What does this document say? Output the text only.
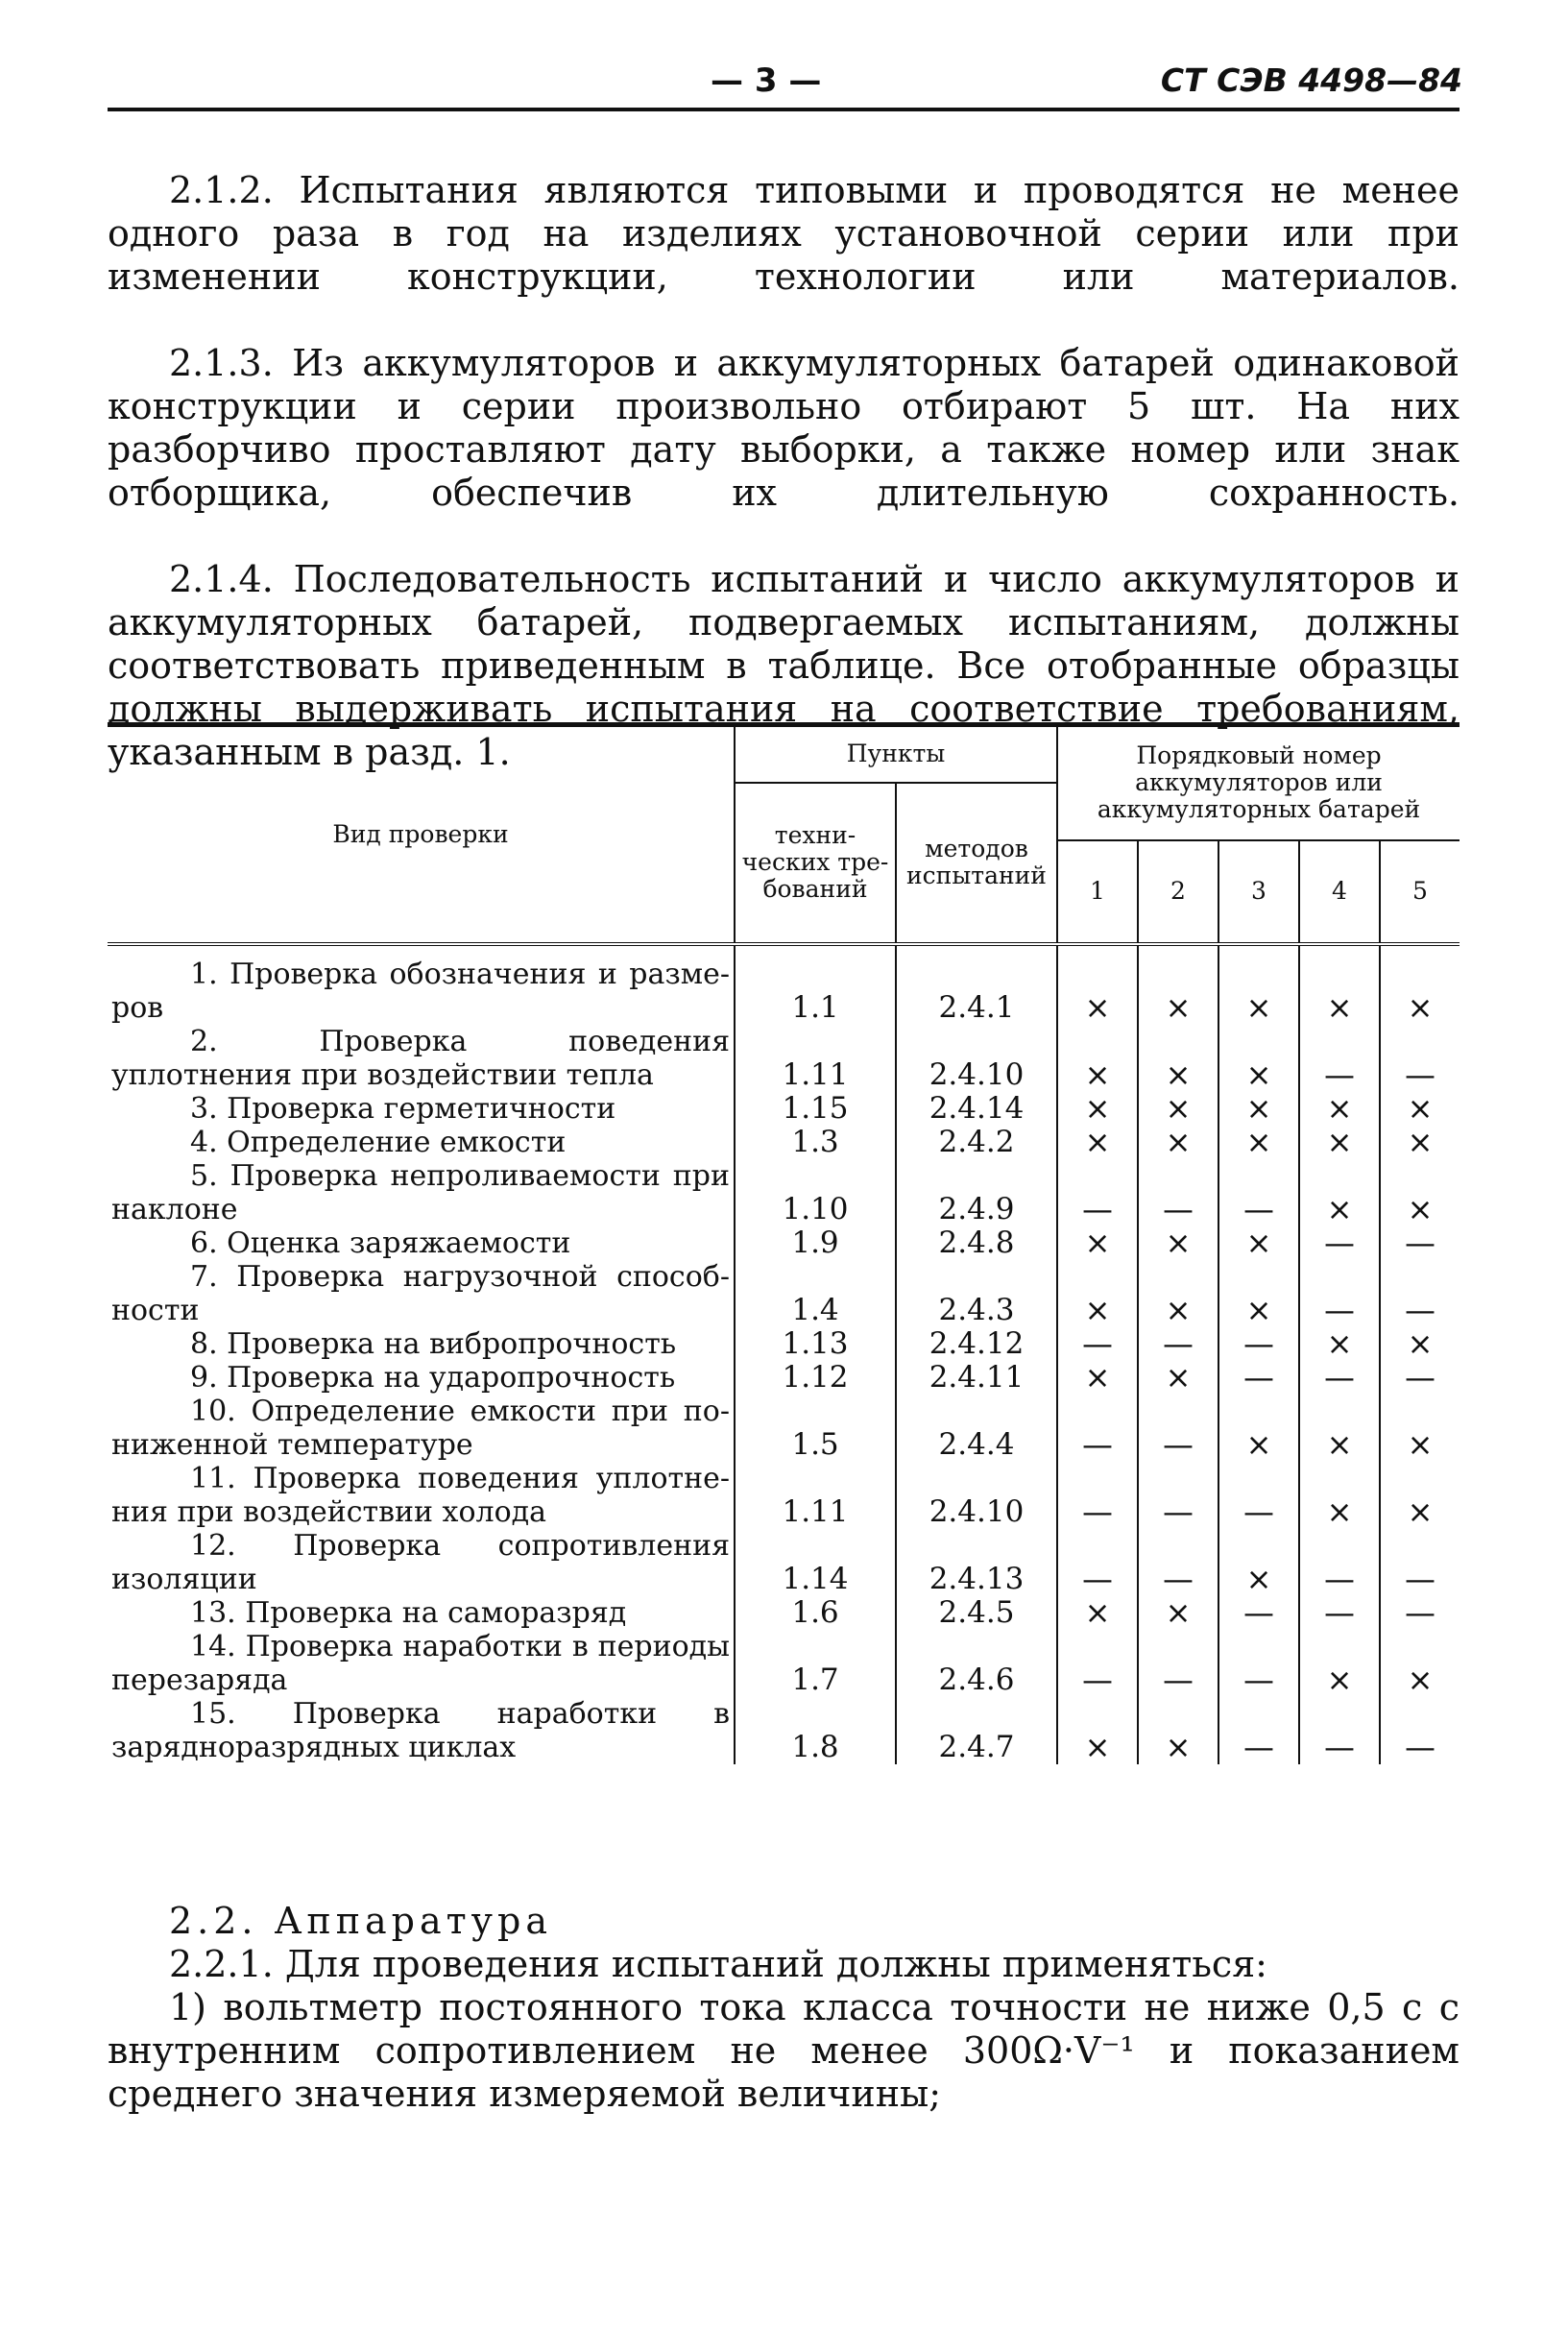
— 3 —	СТ СЭВ 4498—84

2.1.2. Испытания являются типовыми и проводятся не менее одного раза в год на изделиях установочной серии или при изменении конструкции, технологии или материалов.

2.1.3. Из аккумуляторов и аккумуляторных батарей одинаковой конструкции и серии произвольно отбирают 5 шт. На них разборчиво проставляют дату выборки, а также номер или знак отборщика, обеспечив их длительную сохранность.

2.1.4. Последовательность испытаний и число аккумуляторов и аккумуляторных батарей, подвергаемых испытаниям, должны соответствовать приведенным в таблице. Все отобранные образцы должны выдерживать испытания на соответствие требованиям, указанным в разд. 1.

Вид проверки	Пункты		Порядковый номер аккумуляторов или аккумуляторных батарей				
	технических требований	методов испытаний					
			1	2	3	4	5
1. Проверка обозначения и размеров	1.1	2.4.1	×	×	×	×	×
2. Проверка поведения уплотнения при воздействии тепла	1.11	2.4.10	×	×	×	—	—
3. Проверка герметичности	1.15	2.4.14	×	×	×	×	×
4. Определение емкости	1.3	2.4.2	×	×	×	×	×
5. Проверка непроливаемости при наклоне	1.10	2.4.9	—	—	—	×	×
6. Оценка заряжаемости	1.9	2.4.8	×	×	×	—	—
7. Проверка нагрузочной способности	1.4	2.4.3	×	×	×	—	—
8. Проверка на вибропрочность	1.13	2.4.12	—	—	—	×	×
9. Проверка на ударопрочность	1.12	2.4.11	×	×	—	—	—
10. Определение емкости при пониженной температуре	1.5	2.4.4	—	—	×	×	×
11. Проверка поведения уплотнения при воздействии холода	1.11	2.4.10	—	—	—	×	×
12. Проверка сопротивления изоляции	1.14	2.4.13	—	—	×	—	—
13. Проверка на саморазряд	1.6	2.4.5	×	×	—	—	—
14. Проверка наработки в периоды перезаряда	1.7	2.4.6	—	—	—	×	×
15. Проверка наработки в зарядноразрядных циклах	1.8	2.4.7	×	×	—	—	—

2.2. Аппаратура

2.2.1. Для проведения испытаний должны применяться:

1) вольтметр постоянного тока класса точности не ниже 0,5 с с внутренним сопротивлением не менее 300Ω·V⁻¹ и показанием среднего значения измеряемой величины;
